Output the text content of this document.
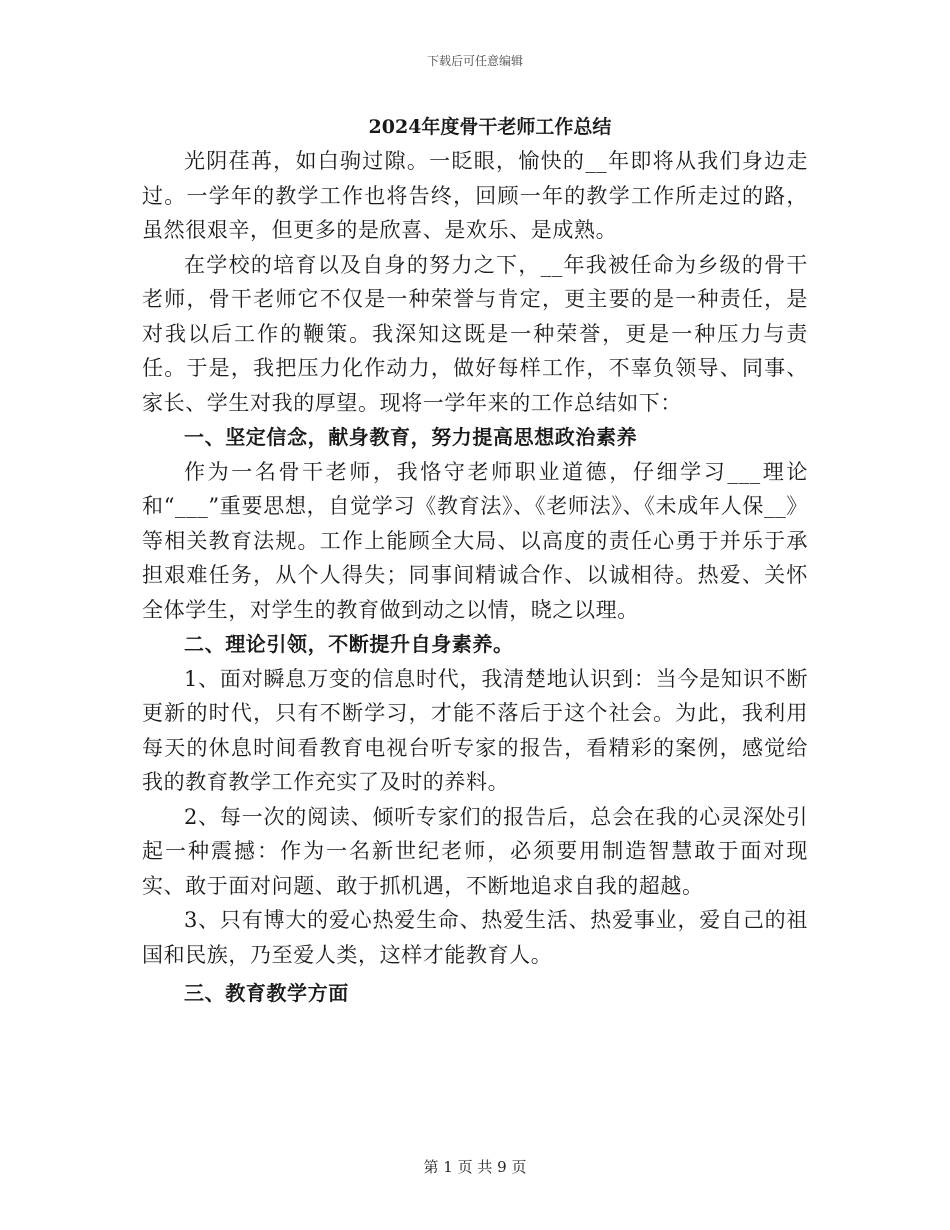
下载后可任意编辑
2024年度骨干老师工作总结

光阴荏苒，如白驹过隙。一眨眼，愉快的__年即将从我们身边走过。一学年的教学工作也将告终，回顾一年的教学工作所走过的路，虽然很艰辛，但更多的是欣喜、是欢乐、是成熟。

在学校的培育以及自身的努力之下，__年我被任命为乡级的骨干老师，骨干老师它不仅是一种荣誉与肯定，更主要的是一种责任，是对我以后工作的鞭策。我深知这既是一种荣誉，更是一种压力与责任。于是，我把压力化作动力，做好每样工作，不辜负领导、同事、家长、学生对我的厚望。现将一学年来的工作总结如下：

一、坚定信念，献身教育，努力提高思想政治素养

作为一名骨干老师，我恪守老师职业道德，仔细学习___理论和“___”重要思想，自觉学习《教育法》、《老师法》、《未成年人保__》等相关教育法规。工作上能顾全大局、以高度的责任心勇于并乐于承担艰难任务，从个人得失；同事间精诚合作、以诚相待。热爱、关怀全体学生，对学生的教育做到动之以情，晓之以理。

二、理论引领，不断提升自身素养。

1、面对瞬息万变的信息时代，我清楚地认识到：当今是知识不断更新的时代，只有不断学习，才能不落后于这个社会。为此，我利用每天的休息时间看教育电视台听专家的报告，看精彩的案例，感觉给我的教育教学工作充实了及时的养料。

2、每一次的阅读、倾听专家们的报告后，总会在我的心灵深处引起一种震撼：作为一名新世纪老师，必须要用制造智慧敢于面对现实、敢于面对问题、敢于抓机遇，不断地追求自我的超越。

3、只有博大的爱心热爱生命、热爱生活、热爱事业，爱自己的祖国和民族，乃至爱人类，这样才能教育人。

三、教育教学方面

第 1 页 共 9 页
